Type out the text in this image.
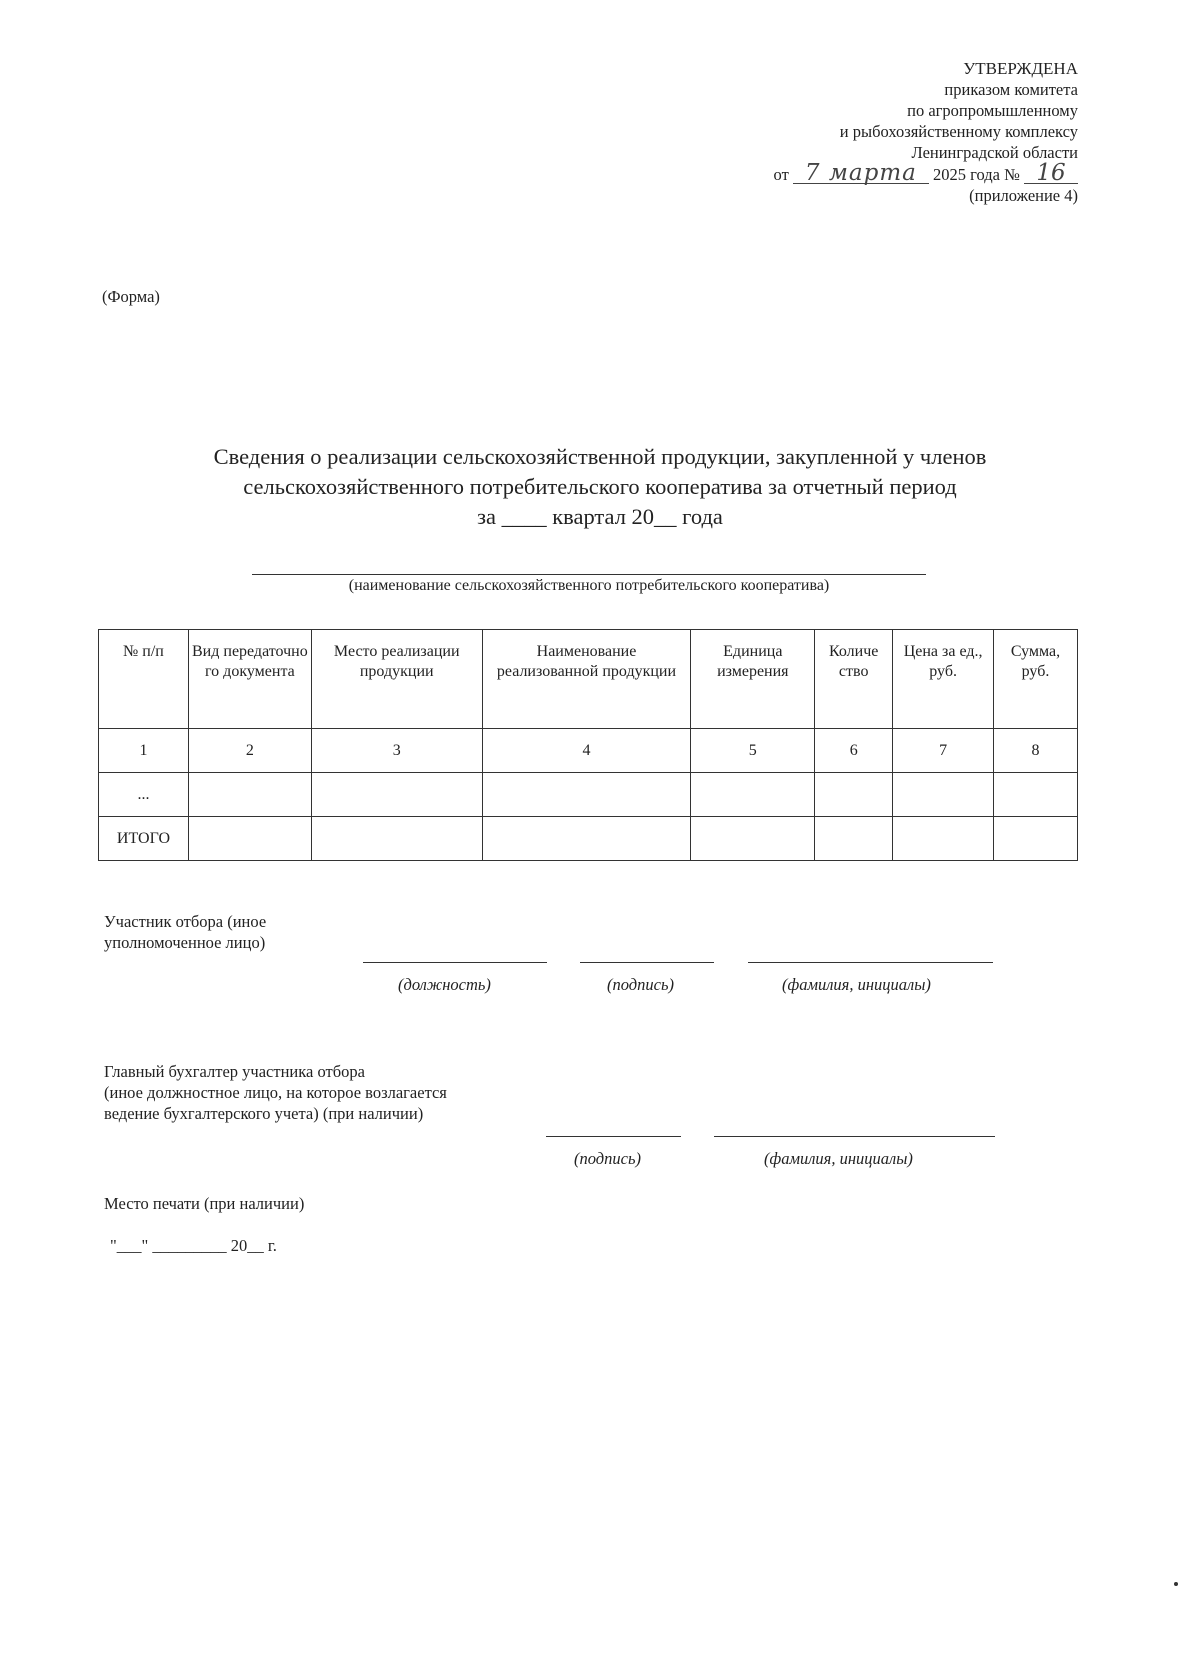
УТВЕРЖДЕНА
приказом комитета
по агропромышленному
и рыбохозяйственному комплексу
Ленинградской области
от 7 марта 2025 года № 16
(приложение 4)
(Форма)
Сведения о реализации сельскохозяйственной продукции, закупленной у членов
сельскохозяйственного потребительского кооператива за отчетный период
за ____ квартал 20__ года
(наименование сельскохозяйственного потребительского кооператива)
№ п/п	Вид передаточно го документа	Место реализации продукции	Наименование реализованной продукции	Единица измерения	Количе ство	Цена за ед., руб.	Сумма, руб.
1	2	3	4	5	6	7	8
...							
ИТОГО							
Участник отбора (иное
уполномоченное лицо)
(должность)	(подпись)	(фамилия, инициалы)
Главный бухгалтер участника отбора
(иное должностное лицо, на которое возлагается
ведение бухгалтерского учета) (при наличии)
(подпись)	(фамилия, инициалы)
Место печати (при наличии)
"___" _________ 20__ г.
